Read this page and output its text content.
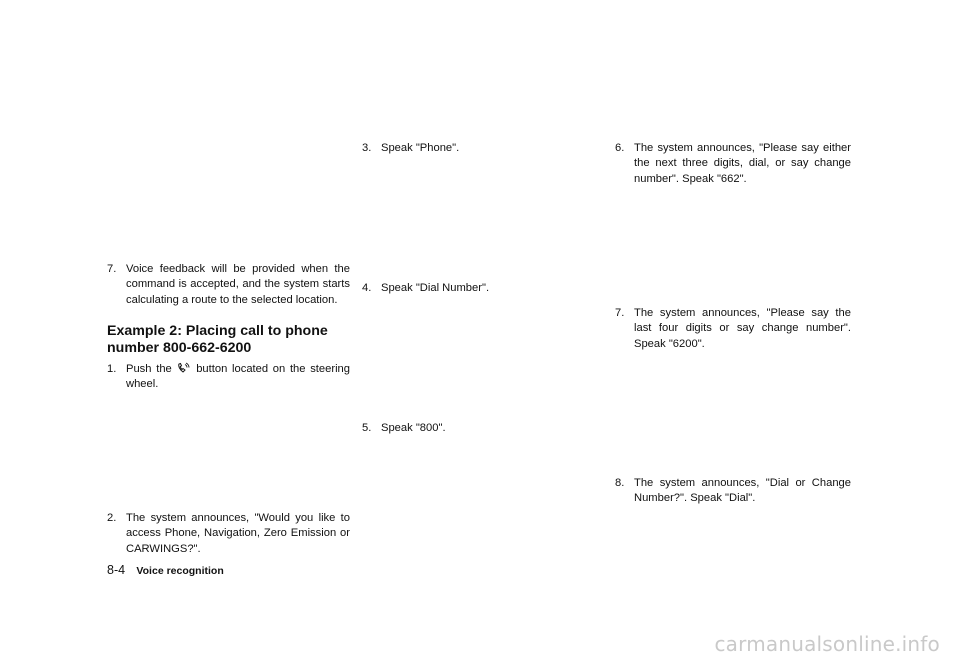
7. Voice feedback will be provided when the command is accepted, and the system starts calculating a route to the selected location.
Example 2: Placing call to phone
number 800-662-6200
1. Push the button located on the steering wheel.
2. The system announces, "Would you like to access Phone, Navigation, Zero Emission or CARWINGS?".
3. Speak "Phone".
4. Speak "Dial Number".
5. Speak "800".
6. The system announces, "Please say either the next three digits, dial, or say change number". Speak "662".
7. The system announces, "Please say the last four digits or say change number". Speak "6200".
8. The system announces, "Dial or Change Number?". Speak "Dial".
8-4 Voice recognition
carmanualsonline.info
